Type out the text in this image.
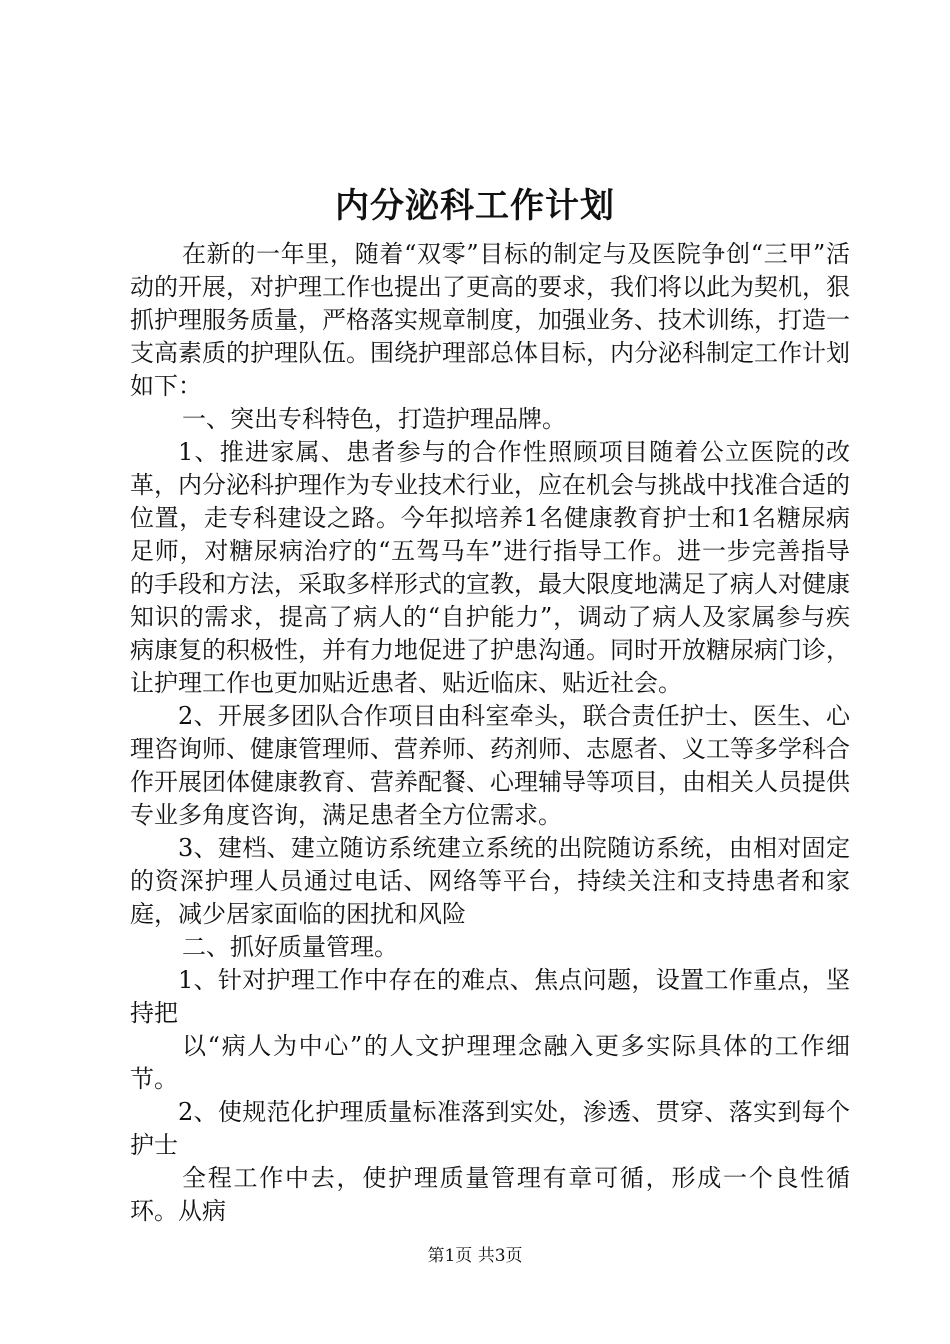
内分泌科工作计划

在新的一年里，随着“双零”目标的制定与及医院争创“三甲”活动的开展，对护理工作也提出了更高的要求，我们将以此为契机，狠抓护理服务质量，严格落实规章制度，加强业务、技术训练，打造一支高素质的护理队伍。围绕护理部总体目标，内分泌科制定工作计划如下：

一、突出专科特色，打造护理品牌。

1、推进家属、患者参与的合作性照顾项目随着公立医院的改革，内分泌科护理作为专业技术行业，应在机会与挑战中找准合适的位置，走专科建设之路。今年拟培养1名健康教育护士和1名糖尿病足师，对糖尿病治疗的“五驾马车”进行指导工作。进一步完善指导的手段和方法，采取多样形式的宣教，最大限度地满足了病人对健康知识的需求，提高了病人的“自护能力”，调动了病人及家属参与疾病康复的积极性，并有力地促进了护患沟通。同时开放糖尿病门诊，让护理工作也更加贴近患者、贴近临床、贴近社会。

2、开展多团队合作项目由科室牵头，联合责任护士、医生、心理咨询师、健康管理师、营养师、药剂师、志愿者、义工等多学科合作开展团体健康教育、营养配餐、心理辅导等项目，由相关人员提供专业多角度咨询，满足患者全方位需求。

3、建档、建立随访系统建立系统的出院随访系统，由相对固定的资深护理人员通过电话、网络等平台，持续关注和支持患者和家庭，减少居家面临的困扰和风险

二、抓好质量管理。

1、针对护理工作中存在的难点、焦点问题，设置工作重点，坚持把

以“病人为中心”的人文护理理念融入更多实际具体的工作细节。

2、使规范化护理质量标准落到实处，渗透、贯穿、落实到每个护士

全程工作中去，使护理质量管理有章可循，形成一个良性循环。从病

第1页 共3页
